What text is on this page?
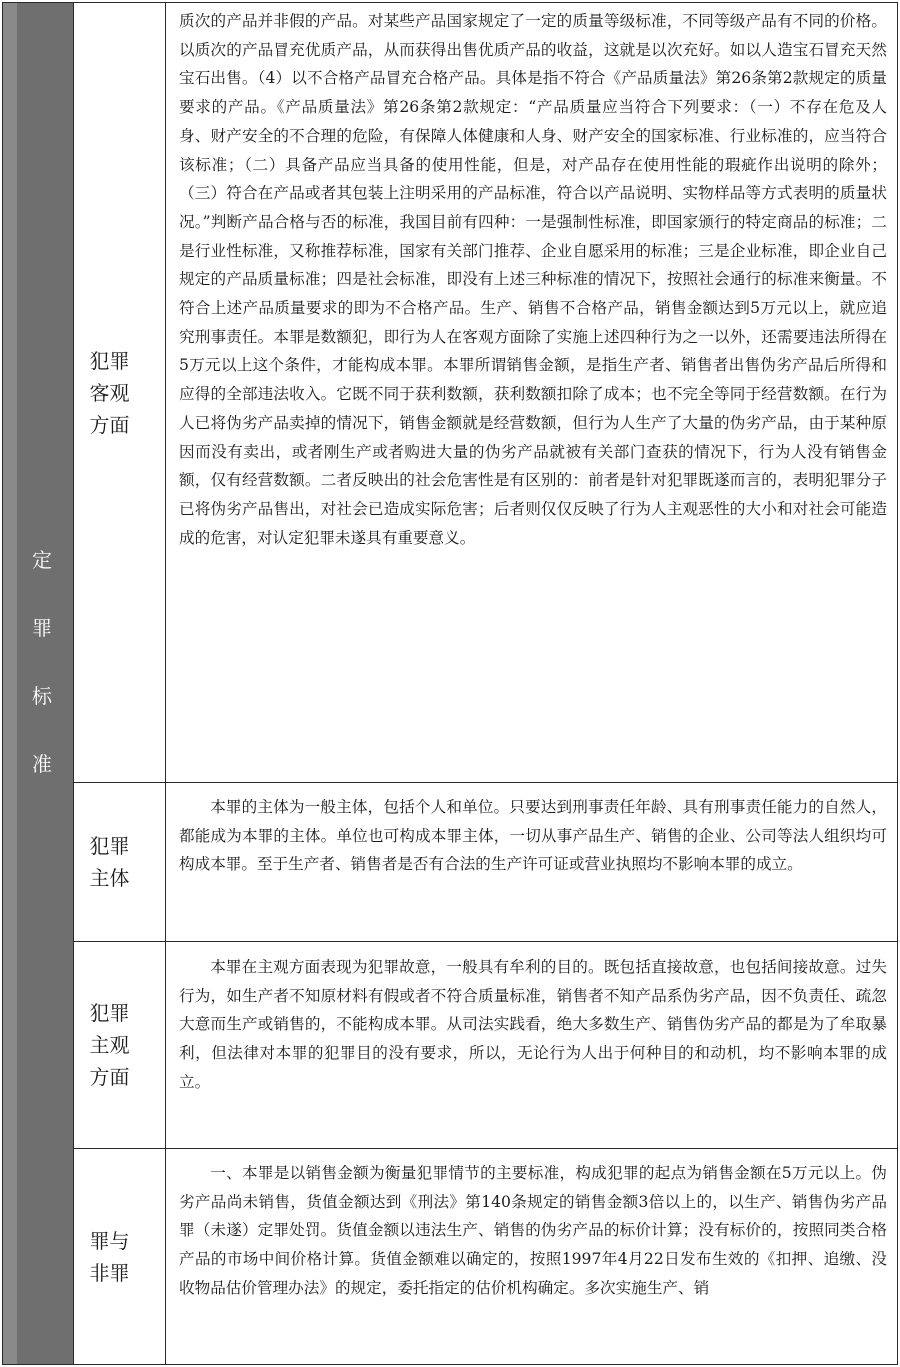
定
罪
标
准
犯罪
客观
方面

质次的产品并非假的产品。对某些产品国家规定了一定的质量等级标准，不同等级产品有不同的价格。以质次的产品冒充优质产品，从而获得出售优质产品的收益，这就是以次充好。如以人造宝石冒充天然宝石出售。（4）以不合格产品冒充合格产品。具体是指不符合《产品质量法》第26条第2款规定的质量要求的产品。《产品质量法》第26条第2款规定：“产品质量应当符合下列要求：（一）不存在危及人身、财产安全的不合理的危险，有保障人体健康和人身、财产安全的国家标准、行业标准的，应当符合该标准；（二）具备产品应当具备的使用性能，但是，对产品存在使用性能的瑕疵作出说明的除外；（三）符合在产品或者其包装上注明采用的产品标准，符合以产品说明、实物样品等方式表明的质量状况。”判断产品合格与否的标准，我国目前有四种：一是强制性标准，即国家颁行的特定商品的标准；二是行业性标准，又称推荐标准，国家有关部门推荐、企业自愿采用的标准；三是企业标准，即企业自己规定的产品质量标准；四是社会标准，即没有上述三种标准的情况下，按照社会通行的标准来衡量。不符合上述产品质量要求的即为不合格产品。生产、销售不合格产品，销售金额达到5万元以上，就应追究刑事责任。本罪是数额犯，即行为人在客观方面除了实施上述四种行为之一以外，还需要违法所得在5万元以上这个条件，才能构成本罪。本罪所谓销售金额，是指生产者、销售者出售伪劣产品后所得和应得的全部违法收入。它既不同于获利数额，获利数额扣除了成本；也不完全等同于经营数额。在行为人已将伪劣产品卖掉的情况下，销售金额就是经营数额，但行为人生产了大量的伪劣产品，由于某种原因而没有卖出，或者刚生产或者购进大量的伪劣产品就被有关部门查获的情况下，行为人没有销售金额，仅有经营数额。二者反映出的社会危害性是有区别的：前者是针对犯罪既遂而言的，表明犯罪分子已将伪劣产品售出，对社会已造成实际危害；后者则仅仅反映了行为人主观恶性的大小和对社会可能造成的危害，对认定犯罪未遂具有重要意义。

犯罪
主体

本罪的主体为一般主体，包括个人和单位。只要达到刑事责任年龄、具有刑事责任能力的自然人，都能成为本罪的主体。单位也可构成本罪主体，一切从事产品生产、销售的企业、公司等法人组织均可构成本罪。至于生产者、销售者是否有合法的生产许可证或营业执照均不影响本罪的成立。

犯罪
主观
方面

本罪在主观方面表现为犯罪故意，一般具有牟利的目的。既包括直接故意，也包括间接故意。过失行为，如生产者不知原材料有假或者不符合质量标准，销售者不知产品系伪劣产品，因不负责任、疏忽大意而生产或销售的，不能构成本罪。从司法实践看，绝大多数生产、销售伪劣产品的都是为了牟取暴利，但法律对本罪的犯罪目的没有要求，所以，无论行为人出于何种目的和动机，均不影响本罪的成立。

罪与
非罪

一、本罪是以销售金额为衡量犯罪情节的主要标准，构成犯罪的起点为销售金额在5万元以上。伪劣产品尚未销售，货值金额达到《刑法》第140条规定的销售金额3倍以上的，以生产、销售伪劣产品罪（未遂）定罪处罚。货值金额以违法生产、销售的伪劣产品的标价计算；没有标价的，按照同类合格产品的市场中间价格计算。货值金额难以确定的，按照1997年4月22日发布生效的《扣押、追缴、没收物品估价管理办法》的规定，委托指定的估价机构确定。多次实施生产、销
